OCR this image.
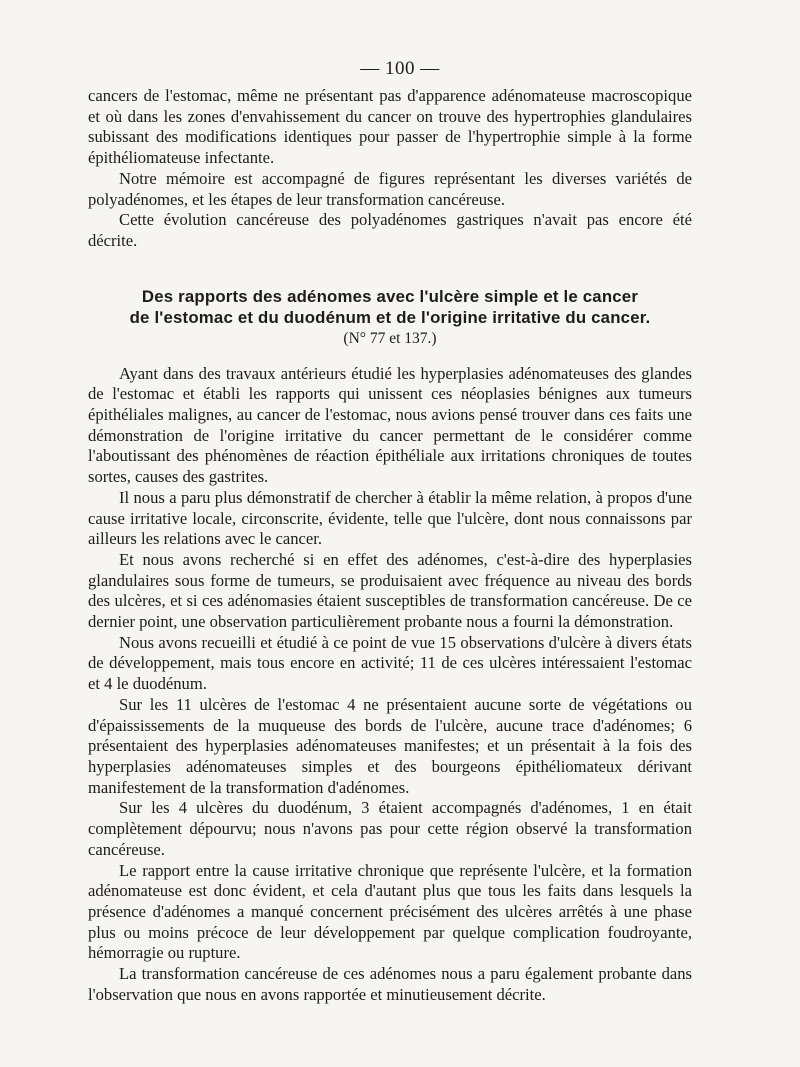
— 100 —

cancers de l'estomac, même ne présentant pas d'apparence adénomateuse macroscopique et où dans les zones d'envahissement du cancer on trouve des hypertrophies glandulaires subissant des modifications identiques pour passer de l'hypertrophie simple à la forme épithéliomateuse infectante.

Notre mémoire est accompagné de figures représentant les diverses variétés de polyadénomes, et les étapes de leur transformation cancéreuse.

Cette évolution cancéreuse des polyadénomes gastriques n'avait pas encore été décrite.

Des rapports des adénomes avec l'ulcère simple et le cancer
de l'estomac et du duodénum et de l'origine irritative du cancer.
(N° 77 et 137.)

Ayant dans des travaux antérieurs étudié les hyperplasies adénomateuses des glandes de l'estomac et établi les rapports qui unissent ces néoplasies bénignes aux tumeurs épithéliales malignes, au cancer de l'estomac, nous avions pensé trouver dans ces faits une démonstration de l'origine irritative du cancer permettant de le considérer comme l'aboutissant des phénomènes de réaction épithéliale aux irritations chroniques de toutes sortes, causes des gastrites.

Il nous a paru plus démonstratif de chercher à établir la même relation, à propos d'une cause irritative locale, circonscrite, évidente, telle que l'ulcère, dont nous connaissons par ailleurs les relations avec le cancer.

Et nous avons recherché si en effet des adénomes, c'est-à-dire des hyperplasies glandulaires sous forme de tumeurs, se produisaient avec fréquence au niveau des bords des ulcères, et si ces adénomasies étaient susceptibles de transformation cancéreuse. De ce dernier point, une observation particulièrement probante nous a fourni la démonstration.

Nous avons recueilli et étudié à ce point de vue 15 observations d'ulcère à divers états de développement, mais tous encore en activité; 11 de ces ulcères intéressaient l'estomac et 4 le duodénum.

Sur les 11 ulcères de l'estomac 4 ne présentaient aucune sorte de végétations ou d'épaississements de la muqueuse des bords de l'ulcère, aucune trace d'adénomes; 6 présentaient des hyperplasies adénomateuses manifestes; et un présentait à la fois des hyperplasies adénomateuses simples et des bourgeons épithéliomateux dérivant manifestement de la transformation d'adénomes.

Sur les 4 ulcères du duodénum, 3 étaient accompagnés d'adénomes, 1 en était complètement dépourvu; nous n'avons pas pour cette région observé la transformation cancéreuse.

Le rapport entre la cause irritative chronique que représente l'ulcère, et la formation adénomateuse est donc évident, et cela d'autant plus que tous les faits dans lesquels la présence d'adénomes a manqué concernent précisément des ulcères arrêtés à une phase plus ou moins précoce de leur développement par quelque complication foudroyante, hémorragie ou rupture.

La transformation cancéreuse de ces adénomes nous a paru également probante dans l'observation que nous en avons rapportée et minutieusement décrite.
